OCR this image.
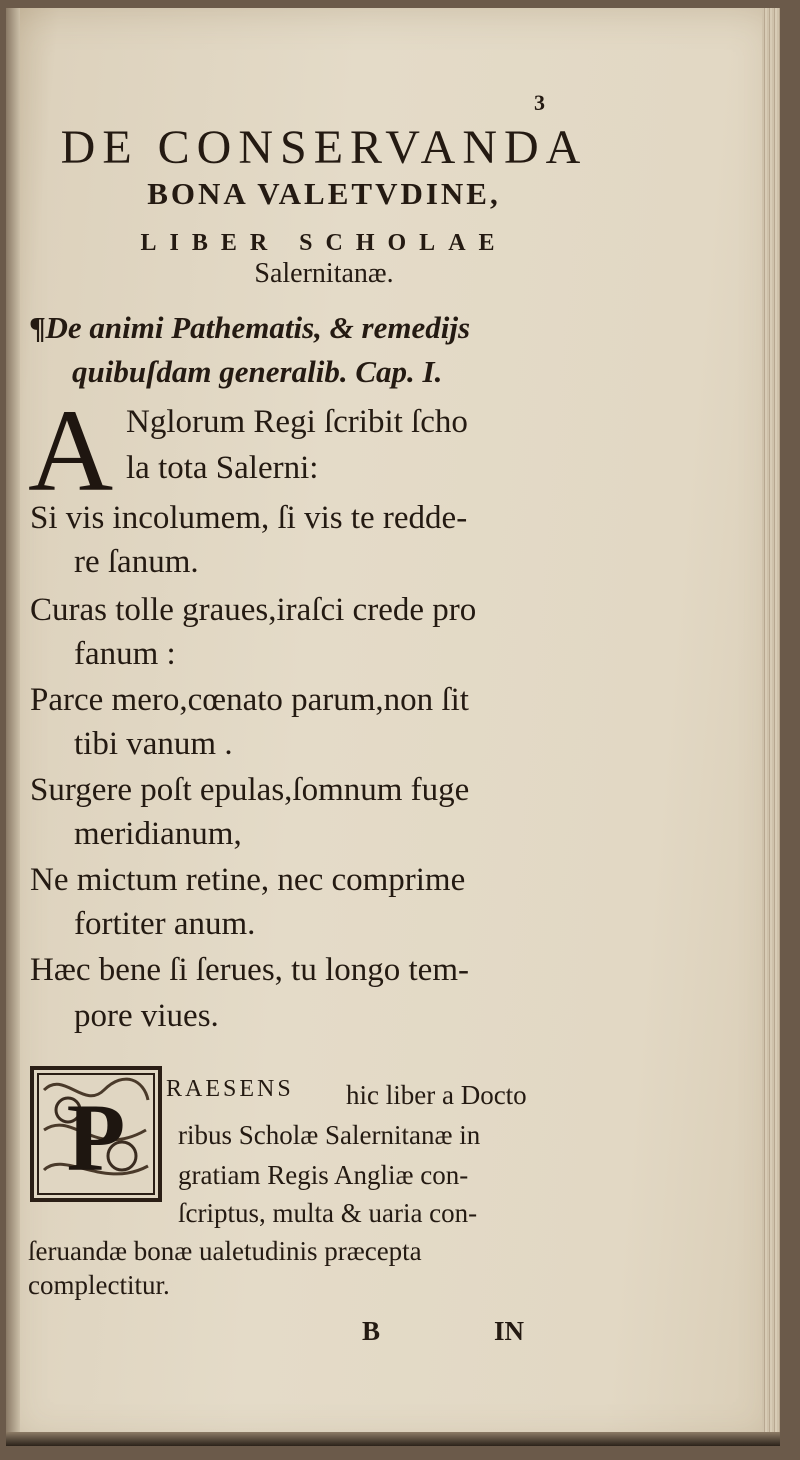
3
DE CONSERVANDA
BONA VALETVDINE,
LIBER SCHOLAE
Salernitanæ.
¶De animi Pathematis, & remediјs
quibuſdam generalib. Cap. I.
A Nglorum Regi ſcribit ſcho
la tota Salerni:
Si vis incolumem, ſi vis te redde-
re ſanum.
Curas tolle graues,iraſci crede pro
fanum :
Parce mero,cœnato parum,non ſit
tibi vanum .
Surgere poſt epulas,ſomnum fuge
meridianum,
Ne mictum retine, nec comprime
fortiter anum.
Hæc bene ſi ſerues, tu longo tem-
pore viues.
P RAESENS hic liber a Docto
ribus Scholæ Salernitanæ in
gratiam Regis Angliæ con-
ſcriptus, multa & uaria con-
ſeruandæ bonæ ualetudinis præcepta
complectitur.
B	IN
